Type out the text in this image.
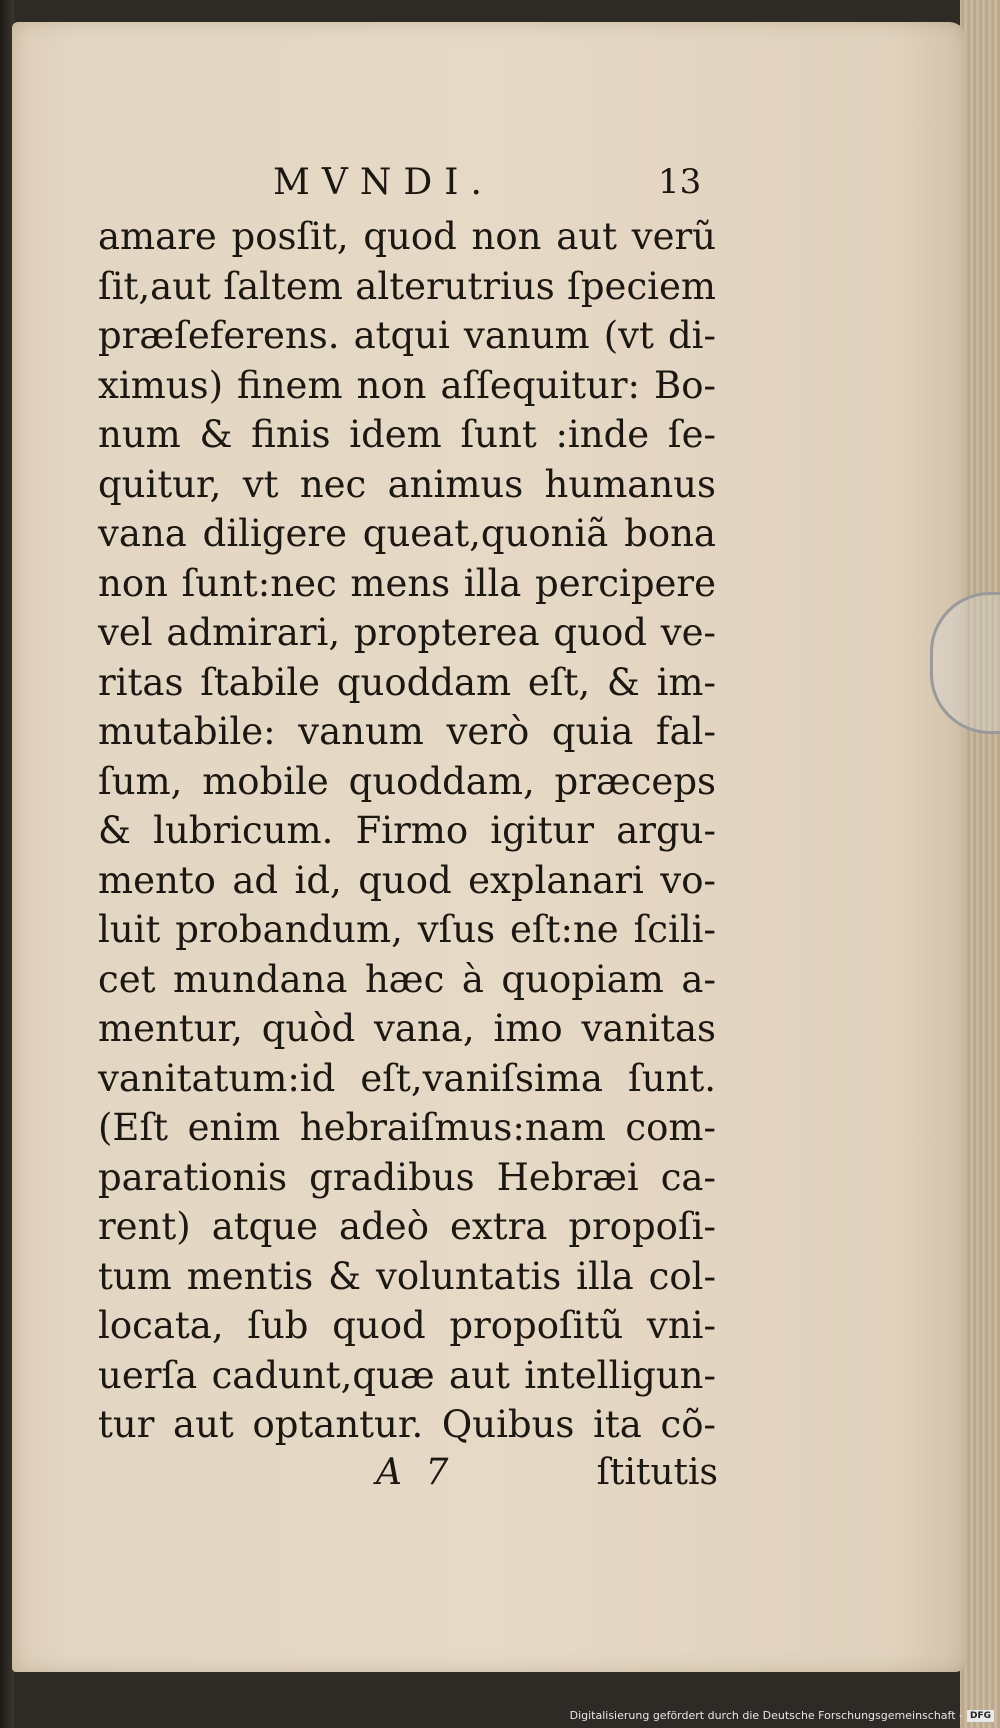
MVNDI.	13
amare posſit, quod non aut verũ
ſit,aut ſaltem alterutrius ſpeciem
præſeferens. atqui vanum (vt di-
ximus) finem non aſſequitur: Bo-
num & finis idem ſunt :inde ſe-
quitur, vt nec animus humanus
vana diligere queat,quoniã bona
non ſunt:nec mens illa percipere
vel admirari, propterea quod ve-
ritas ſtabile quoddam eſt, & im-
mutabile: vanum verò quia fal-
ſum, mobile quoddam, præceps
& lubricum. Firmo igitur argu-
mento ad id, quod explanari vo-
luit probandum, vſus eſt:ne ſcili-
cet mundana hæc à quopiam a-
mentur, quòd vana, imo vanitas
vanitatum:id eſt,vaniſsima ſunt.
(Eſt enim hebraiſmus:nam com-
parationis gradibus Hebræi ca-
rent) atque adeò extra propoſi-
tum mentis & voluntatis illa col-
locata, ſub quod propoſitũ vni-
uerſa cadunt,quæ aut intelligun-
tur aut optantur. Quibus ita cõ-
A 7	ſtitutis
Digitalisierung gefördert durch die Deutsche Forschungsgemeinschaft - DFG
